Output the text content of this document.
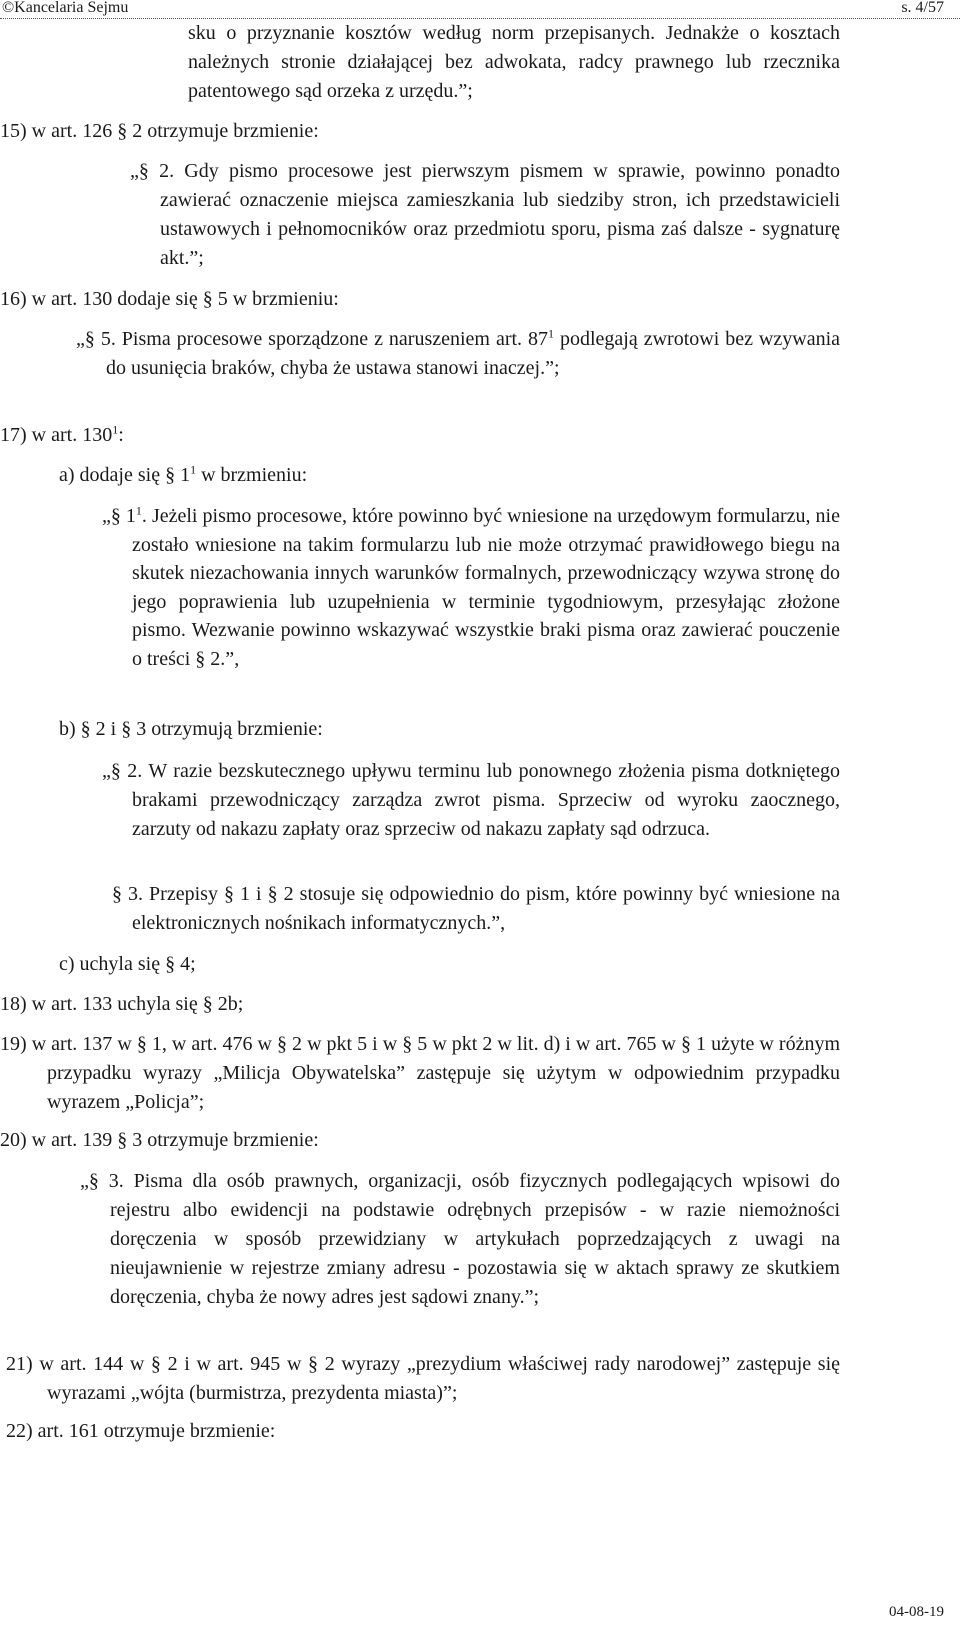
©Kancelaria Sejmu	s. 4/57
sku o przyznanie kosztów według norm przepisanych. Jednakże o kosztach należnych stronie działającej bez adwokata, radcy prawnego lub rzecznika patentowego sąd orzeka z urzędu.”;
15) w art. 126 § 2 otrzymuje brzmienie:
„§ 2. Gdy pismo procesowe jest pierwszym pismem w sprawie, powinno ponadto zawierać oznaczenie miejsca zamieszkania lub siedziby stron, ich przedstawicieli ustawowych i pełnomocników oraz przedmiotu sporu, pisma zaś dalsze - sygnaturę akt.”;
16) w art. 130 dodaje się § 5 w brzmieniu:
„§ 5. Pisma procesowe sporządzone z naruszeniem art. $87^1$ podlegają zwrotowi bez wzywania do usunięcia braków, chyba że ustawa stanowi inaczej.”;
17) w art. $130^1$:
a) dodaje się § $1^1$ w brzmieniu:
„§ $1^1$. Jeżeli pismo procesowe, które powinno być wniesione na urzędowym formularzu, nie zostało wniesione na takim formularzu lub nie może otrzymać prawidłowego biegu na skutek niezachowania innych warunków formalnych, przewodniczący wzywa stronę do jego poprawienia lub uzupełnienia w terminie tygodniowym, przesyłając złożone pismo. Wezwanie powinno wskazywać wszystkie braki pisma oraz zawierać pouczenie o treści § 2.”,
b) § 2 i § 3 otrzymują brzmienie:
„§ 2. W razie bezskutecznego upływu terminu lub ponownego złożenia pisma dotkniętego brakami przewodniczący zarządza zwrot pisma. Sprzeciw od wyroku zaocznego, zarzuty od nakazu zapłaty oraz sprzeciw od nakazu zapłaty sąd odrzuca.
§ 3. Przepisy § 1 i § 2 stosuje się odpowiednio do pism, które powinny być wniesione na elektronicznych nośnikach informatycznych.”,
c) uchyla się § 4;
18) w art. 133 uchyla się § 2b;
19) w art. 137 w § 1, w art. 476 w § 2 w pkt 5 i w § 5 w pkt 2 w lit. d) i w art. 765 w § 1 użyte w różnym przypadku wyrazy „Milicja Obywatelska” zastępuje się użytym w odpowiednim przypadku wyrazem „Policja”;
20) w art. 139 § 3 otrzymuje brzmienie:
„§ 3. Pisma dla osób prawnych, organizacji, osób fizycznych podlegających wpisowi do rejestru albo ewidencji na podstawie odrębnych przepisów - w razie niemożności doręczenia w sposób przewidziany w artykułach poprzedzających z uwagi na nieujawnienie w rejestrze zmiany adresu - pozostawia się w aktach sprawy ze skutkiem doręczenia, chyba że nowy adres jest sądowi znany.”;
21) w art. 144 w § 2 i w art. 945 w § 2 wyrazy „prezydium właściwej rady narodowej” zastępuje się wyrazami „wójta (burmistrza, prezydenta miasta)”;
22) art. 161 otrzymuje brzmienie:
04-08-19
